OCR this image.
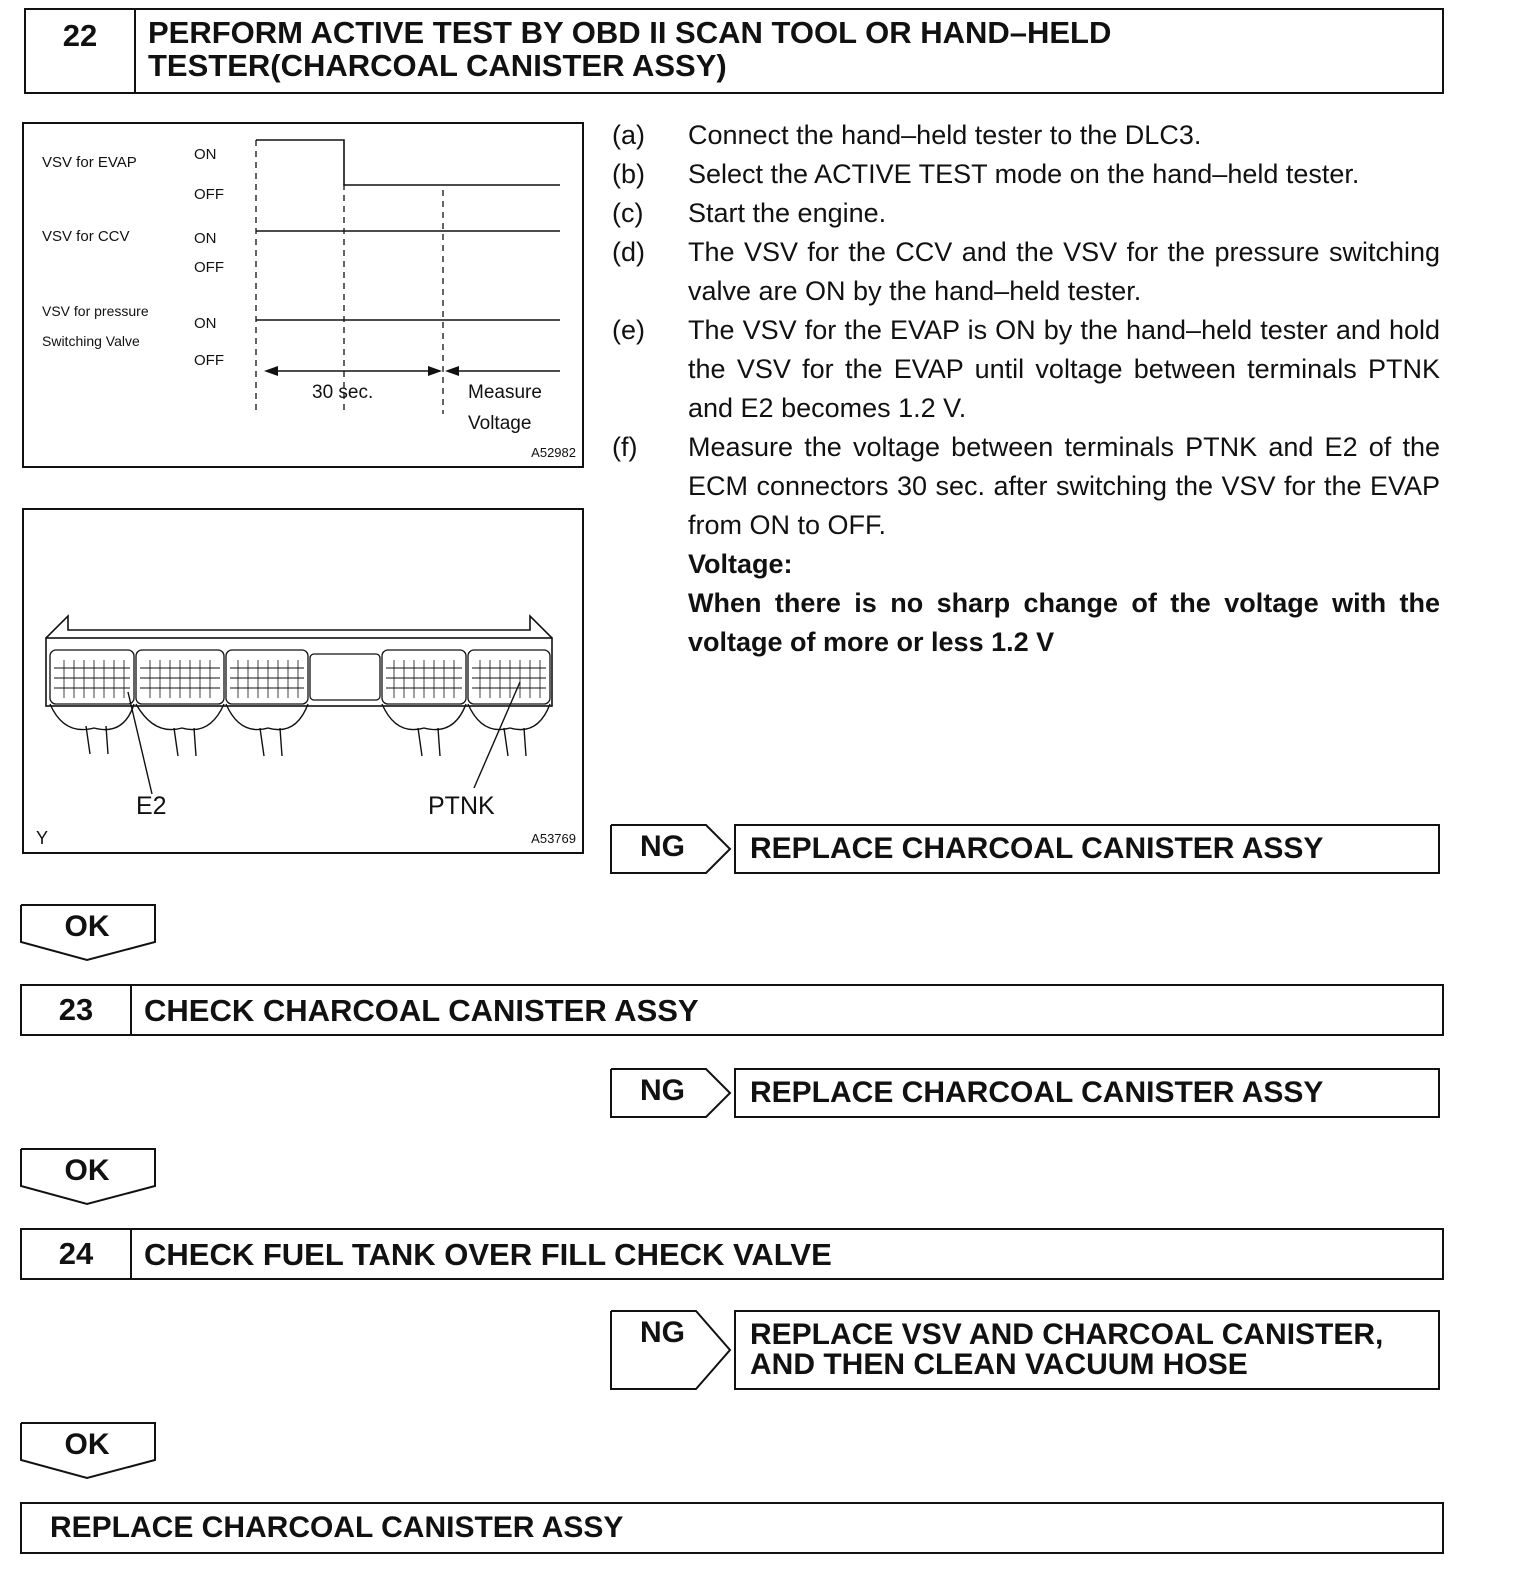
22	PERFORM ACTIVE TEST BY OBD II SCAN TOOL OR HAND–HELD
TESTER(CHARCOAL CANISTER ASSY)
VSV for EVAP	ON
OFF
VSV for CCV	ON
OFF
VSV for pressure
Switching Valve
ON
OFF
30 sec.	Measure
Voltage
A52982
E2	PTNK
Y	A53769
(a)	Connect the hand–held tester to the DLC3.
(b)	Select the ACTIVE TEST mode on the hand–held tester.
(c)	Start the engine.
(d)	The VSV for the CCV and the VSV for the pressure switching valve are ON by the hand–held tester.
(e)	The VSV for the EVAP is ON by the hand–held tester and hold the VSV for the EVAP until voltage between terminals PTNK and E2 becomes 1.2 V.
(f)	Measure the voltage between terminals PTNK and E2 of the ECM connectors 30 sec. after switching the VSV for the EVAP from ON to OFF.
Voltage:
When there is no sharp change of the voltage with the voltage of more or less 1.2 V
NG	REPLACE CHARCOAL CANISTER ASSY
OK
23	CHECK CHARCOAL CANISTER ASSY
NG	REPLACE CHARCOAL CANISTER ASSY
OK
24	CHECK FUEL TANK OVER FILL CHECK VALVE
NG REPLACE VSV AND CHARCOAL CANISTER,
AND THEN CLEAN VACUUM HOSE
OK
REPLACE CHARCOAL CANISTER ASSY
